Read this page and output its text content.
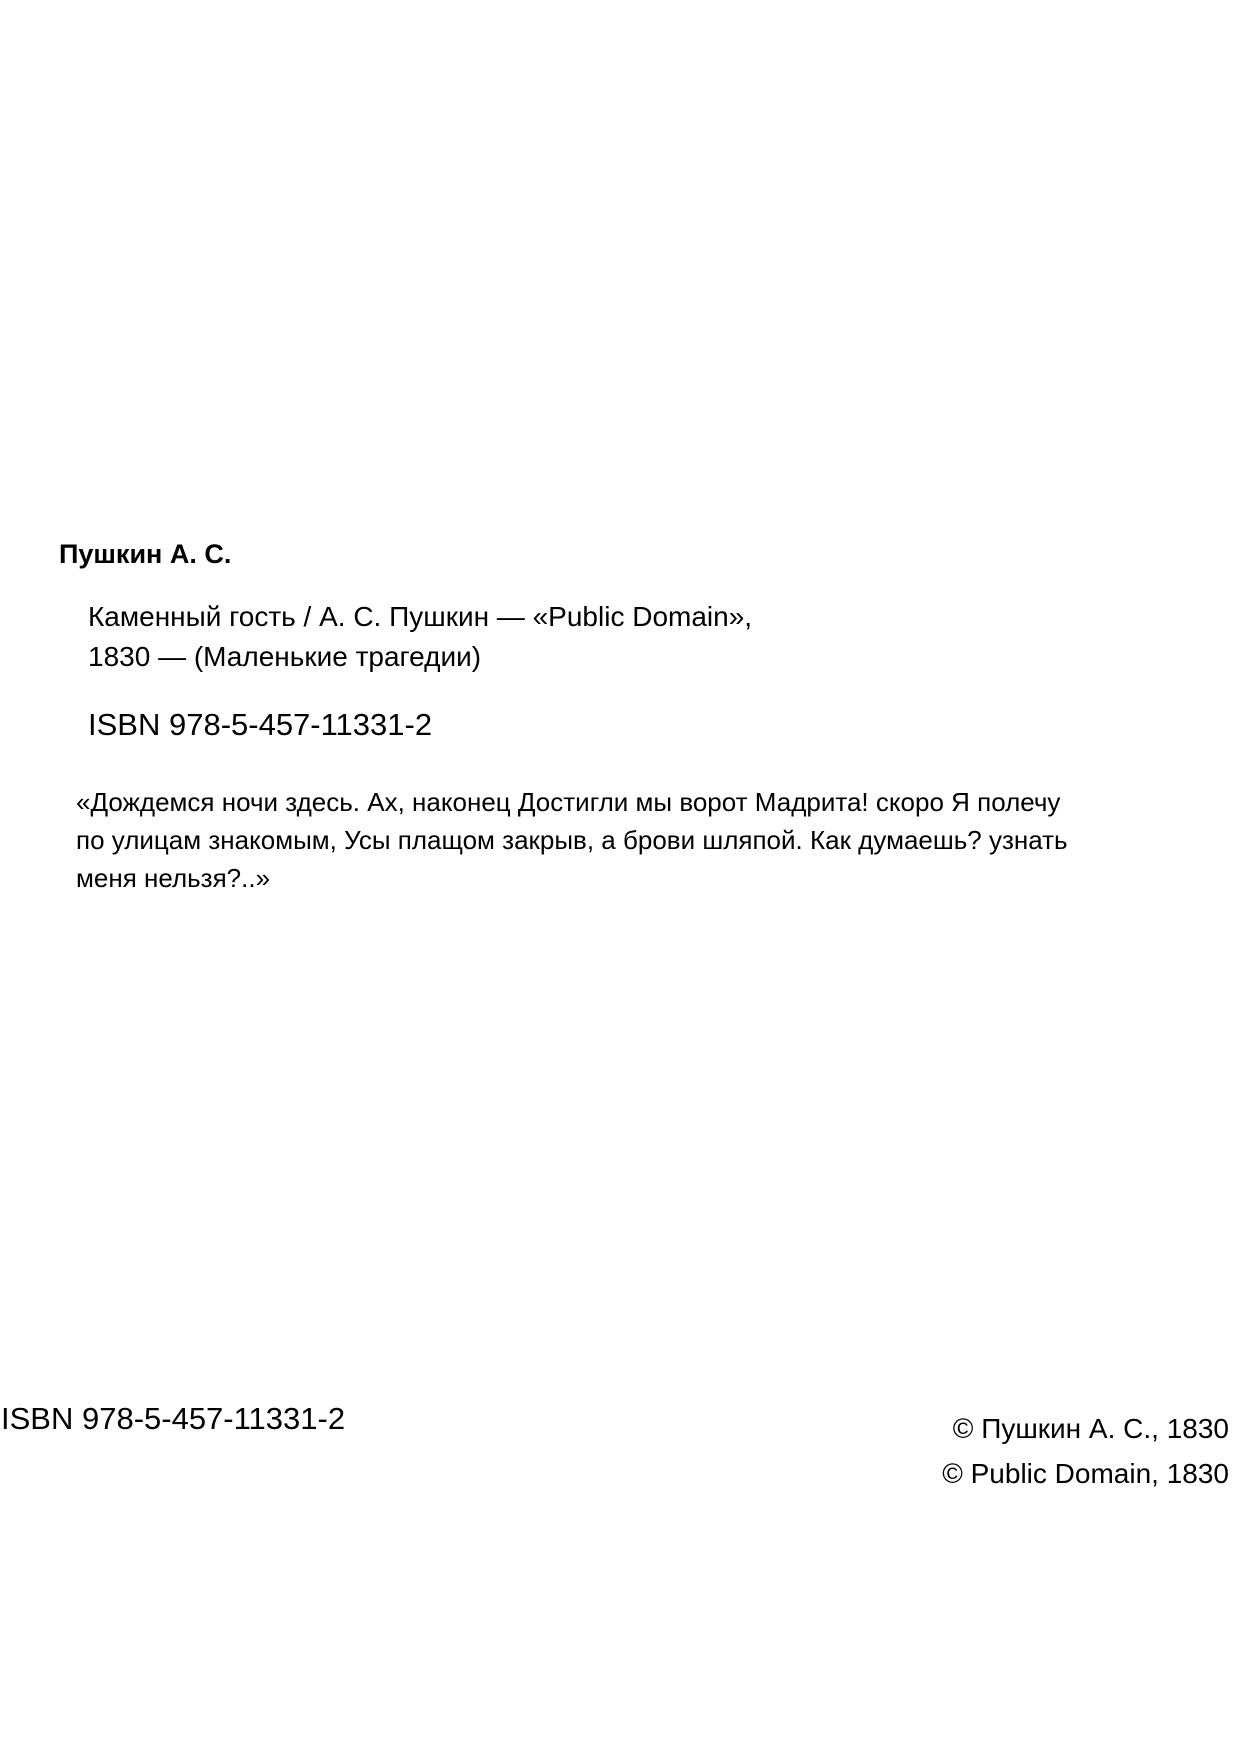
Пушкин А. С.
Каменный гость / А. С. Пушкин — «Public Domain»,
1830 — (Маленькие трагедии)
ISBN 978-5-457-11331-2
«Дождемся ночи здесь. Ах, наконец Достигли мы ворот Мадрита! скоро Я полечу
по улицам знакомым, Усы плащом закрыв, а брови шляпой. Как думаешь? узнать
меня нельзя?..»
ISBN 978-5-457-11331-2	© Пушкин А. С., 1830
© Public Domain, 1830
